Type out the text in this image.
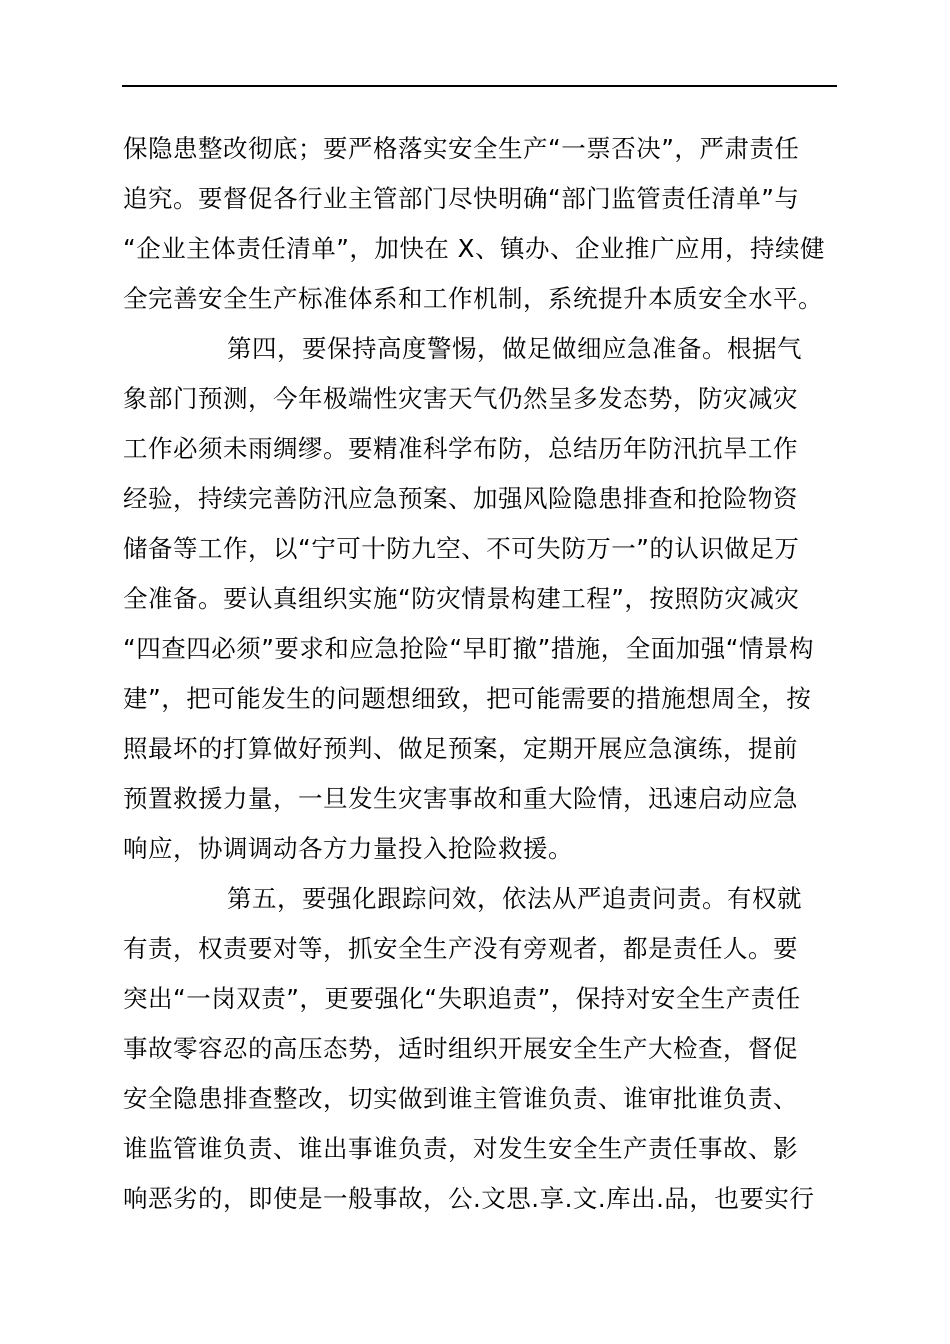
保隐患整改彻底；要严格落实安全生产“一票否决”，严肃责任
追究。要督促各行业主管部门尽快明确“部门监管责任清单”与
“企业主体责任清单”，加快在 X、镇办、企业推广应用，持续健
全完善安全生产标准体系和工作机制，系统提升本质安全水平。
第四，要保持高度警惕，做足做细应急准备。根据气
象部门预测，今年极端性灾害天气仍然呈多发态势，防灾减灾
工作必须未雨绸缪。要精准科学布防，总结历年防汛抗旱工作
经验，持续完善防汛应急预案、加强风险隐患排查和抢险物资
储备等工作，以“宁可十防九空、不可失防万一”的认识做足万
全准备。要认真组织实施“防灾情景构建工程”，按照防灾减灾
“四查四必须”要求和应急抢险“早盯撤”措施，全面加强“情景构
建”，把可能发生的问题想细致，把可能需要的措施想周全，按
照最坏的打算做好预判、做足预案，定期开展应急演练，提前
预置救援力量，一旦发生灾害事故和重大险情，迅速启动应急
响应，协调调动各方力量投入抢险救援。
第五，要强化跟踪问效，依法从严追责问责。有权就
有责，权责要对等，抓安全生产没有旁观者，都是责任人。要
突出“一岗双责”，更要强化“失职追责”，保持对安全生产责任
事故零容忍的高压态势，适时组织开展安全生产大检查，督促
安全隐患排查整改，切实做到谁主管谁负责、谁审批谁负责、
谁监管谁负责、谁出事谁负责，对发生安全生产责任事故、影
响恶劣的，即使是一般事故，公.文思.享.文.库出.品，也要实行
